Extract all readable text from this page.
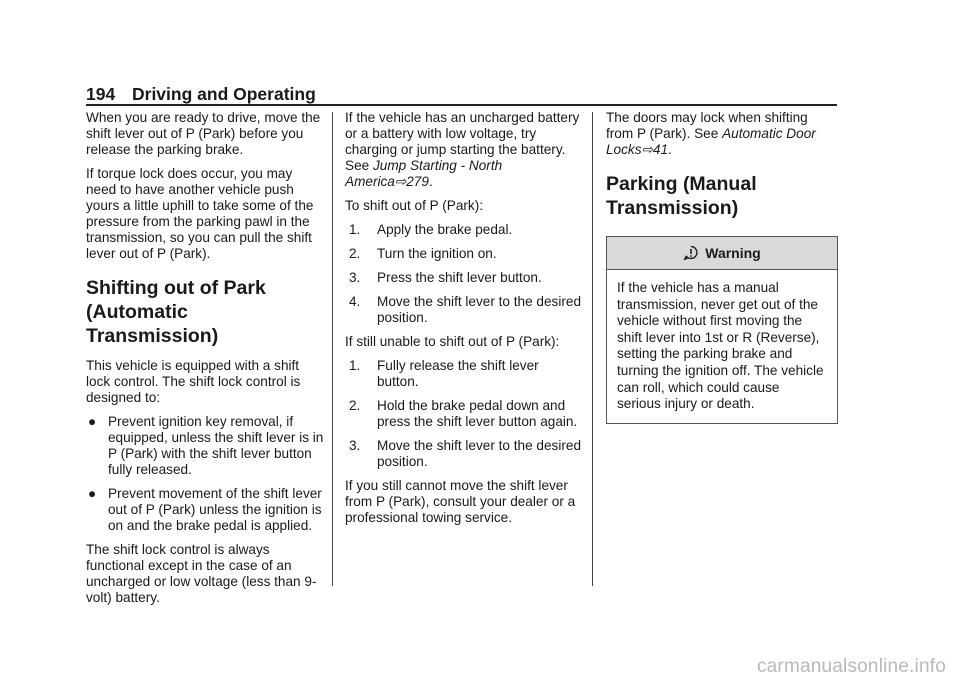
194 Driving and Operating

When you are ready to drive, move the shift lever out of P (Park) before you release the parking brake.

If torque lock does occur, you may need to have another vehicle push yours a little uphill to take some of the pressure from the parking pawl in the transmission, so you can pull the shift lever out of P (Park).

Shifting out of Park (Automatic Transmission)

This vehicle is equipped with a shift lock control. The shift lock control is designed to:

● Prevent ignition key removal, if equipped, unless the shift lever is in P (Park) with the shift lever button fully released.
● Prevent movement of the shift lever out of P (Park) unless the ignition is on and the brake pedal is applied.

The shift lock control is always functional except in the case of an uncharged or low voltage (less than 9-volt) battery.

If the vehicle has an uncharged battery or a battery with low voltage, try charging or jump starting the battery. See Jump Starting - North America⇨279.

To shift out of P (Park):

1. Apply the brake pedal.
2. Turn the ignition on.
3. Press the shift lever button.
4. Move the shift lever to the desired position.

If still unable to shift out of P (Park):

1. Fully release the shift lever button.
2. Hold the brake pedal down and press the shift lever button again.
3. Move the shift lever to the desired position.

If you still cannot move the shift lever from P (Park), consult your dealer or a professional towing service.

The doors may lock when shifting from P (Park). See Automatic Door Locks⇨41.

Parking (Manual Transmission)
Warning
If the vehicle has a manual transmission, never get out of the vehicle without first moving the shift lever into 1st or R (Reverse), setting the parking brake and turning the ignition off. The vehicle can roll, which could cause serious injury or death.
carmanualsonline.info
